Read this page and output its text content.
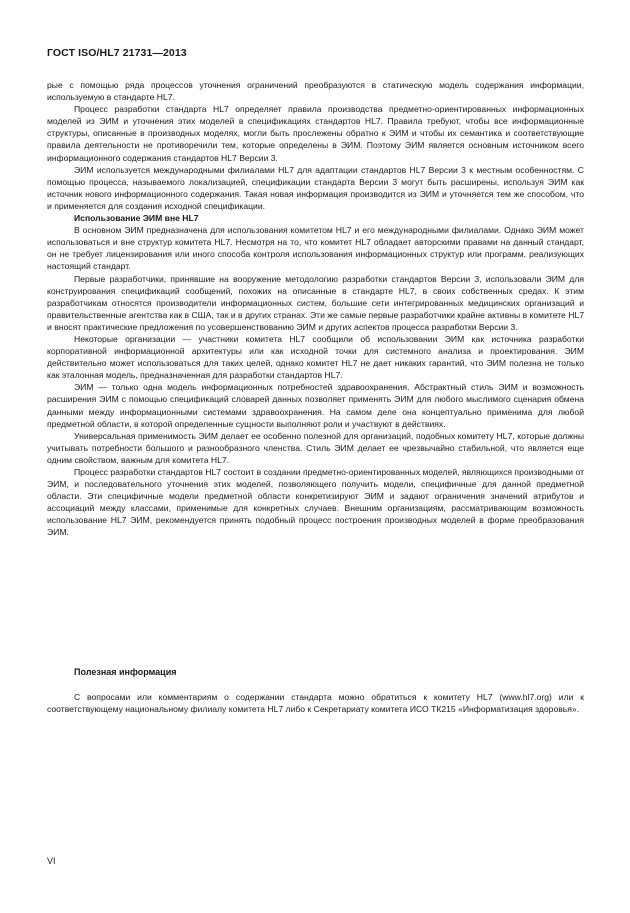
ГОСТ ISO/HL7 21731—2013

рые с помощью ряда процессов уточнения ограничений преобразуются в статическую модель содержания информации, используемую в стандарте HL7.

Процесс разработки стандарта HL7 определяет правила производства предметно-ориентированных информационных моделей из ЭИМ и уточнения этих моделей в спецификациях стандартов HL7. Правила требуют, чтобы все информационные структуры, описанные в производных моделях, могли быть прослежены обратно к ЭИМ и чтобы их семантика и соответствующие правила деятельности не противоречили тем, которые определены в ЭИМ. Поэтому ЭИМ является основным источником всего информационного содержания стандартов HL7 Версии 3.

ЭИМ используется международными филиалами HL7 для адаптации стандартов HL7 Версии 3 к местным особенностям. С помощью процесса, называемого локализацией, спецификации стандарта Версии 3 могут быть расширены, используя ЭИМ как источник нового информационного содержания. Такая новая информация производится из ЭИМ и уточняется тем же способом, что и применяется для создания исходной спецификации.

Использование ЭИМ вне HL7

В основном ЭИМ предназначена для использования комитетом HL7 и его международными филиалами. Однако ЭИМ может использоваться и вне структур комитета HL7. Несмотря на то, что комитет HL7 обладает авторскими правами на данный стандарт, он не требует лицензирования или иного способа контроля использования информационных структур или программ, реализующих настоящий стандарт.

Первые разработчики, принявшие на вооружение методологию разработки стандартов Версии 3, использовали ЭИМ для конструирования спецификаций сообщений, похожих на описанные в стандарте HL7, в своих собственных средах. К этим разработчикам относятся производители информационных систем, большие сети интегрированных медицинских организаций и правительственные агентства как в США, так и в других странах. Эти же самые первые разработчики крайне активны в комитете HL7 и вносят практические предложения по усовершенствованию ЭИМ и других аспектов процесса разработки Версии 3.

Некоторые организации — участники комитета HL7 сообщили об использовании ЭИМ как источника разработки корпоративной информационной архитектуры или как исходной точки для системного анализа и проектирования. ЭИМ действительно может использоваться для таких целей, однако комитет HL7 не дает никаких гарантий, что ЭИМ полезна не только как эталонная модель, предназначенная для разработки стандартов HL7.

ЭИМ — только одна модель информационных потребностей здравоохранения. Абстрактный стиль ЭИМ и возможность расширения ЭИМ с помощью спецификаций словарей данных позволяет применять ЭИМ для любого мыслимого сценария обмена данными между информационными системами здравоохранения. На самом деле она концептуально применима для любой предметной области, в которой определенные сущности выполняют роли и участвуют в действиях.

Универсальная применимость ЭИМ делает ее особенно полезной для организаций, подобных комитету HL7, которые должны учитывать потребности большого и разнообразного членства. Стиль ЭИМ делает ее чрезвычайно стабильной, что является еще одним свойством, важным для комитета HL7.

Процесс разработки стандартов HL7 состоит в создании предметно-ориентированных моделей, являющихся производными от ЭИМ, и последовательного уточнения этих моделей, позволяющего получить модели, специфичные для данной предметной области. Эти специфичные модели предметной области конкретизируют ЭИМ и задают ограничения значений атрибутов и ассоциаций между классами, применимые для конкретных случаев. Внешним организациям, рассматривающим возможность использование HL7 ЭИМ, рекомендуется принять подобный процесс построения производных моделей в форме преобразования ЭИМ.

Полезная информация

С вопросами или комментариям о содержании стандарта можно обратиться к комитету HL7 (www.hl7.org) или к соответствующему национальному филиалу комитета HL7 либо к Секретариату комитета ИСО ТК215 «Информатизация здоровья».

VI
